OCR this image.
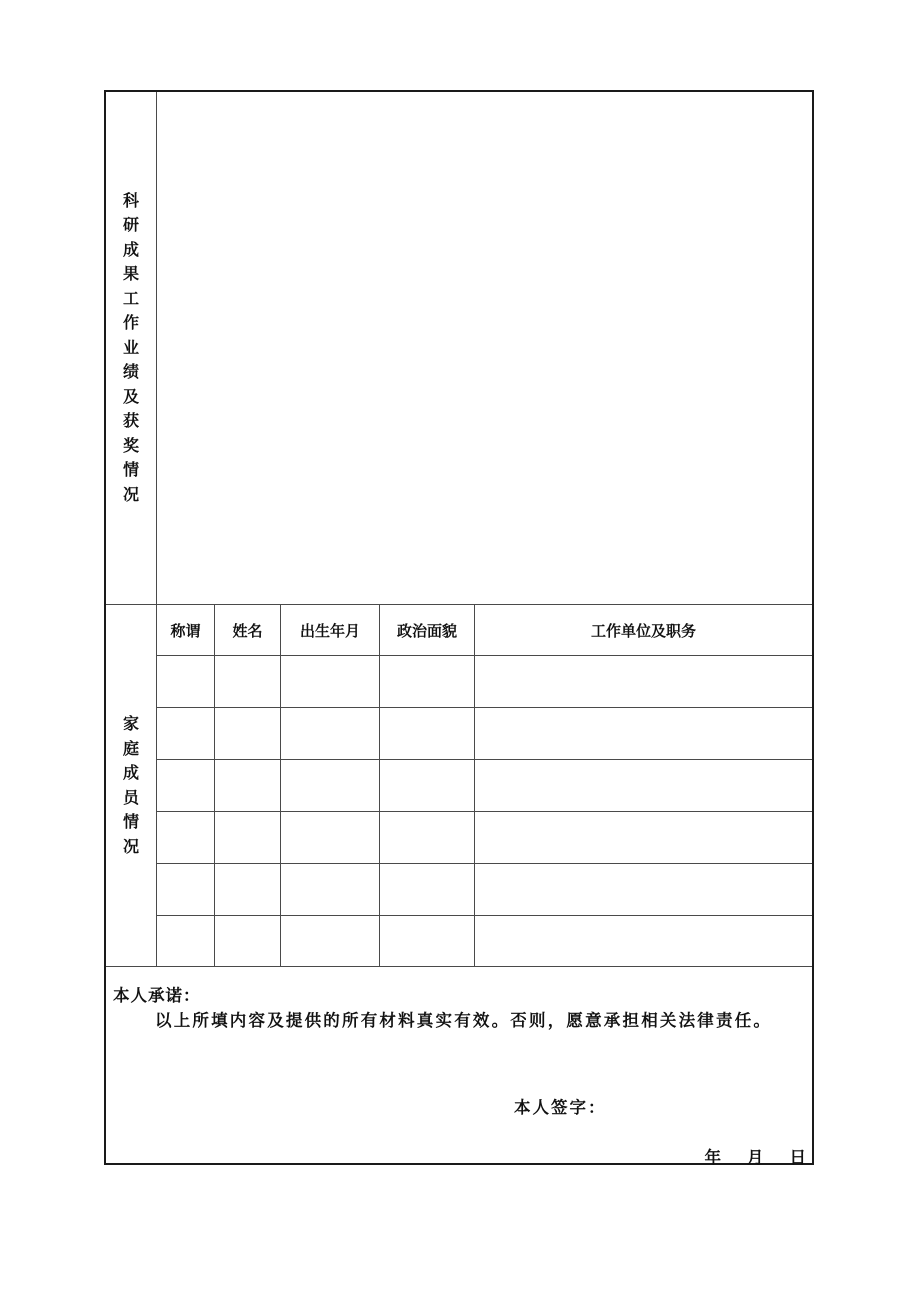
科
研
成
果
工
作
业
绩
及
获
奖
情
况
家
庭
成
员
情
况
称谓	姓名	出生年月	政治面貌	工作单位及职务
本人承诺：
以上所填内容及提供的所有材料真实有效。否则，愿意承担相关法律责任。
本人签字：
年 月 日
